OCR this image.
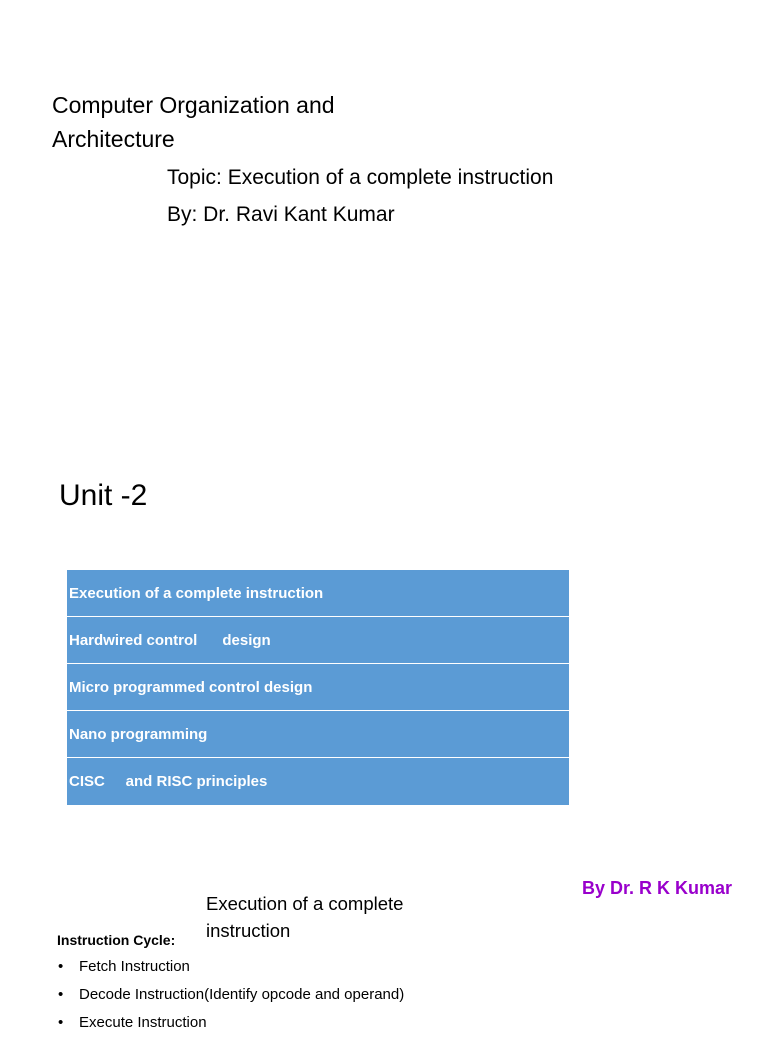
Computer Organization and Architecture
Topic: Execution of a complete instruction
By: Dr. Ravi Kant Kumar
Unit -2
Execution of a complete instruction
Hardwired control      design
Micro programmed control design
Nano programming
CISC     and RISC principles
By Dr. R K Kumar
Execution of a complete instruction
Instruction Cycle:
• Fetch Instruction
• Decode Instruction(Identify opcode and operand)
• Execute Instruction
